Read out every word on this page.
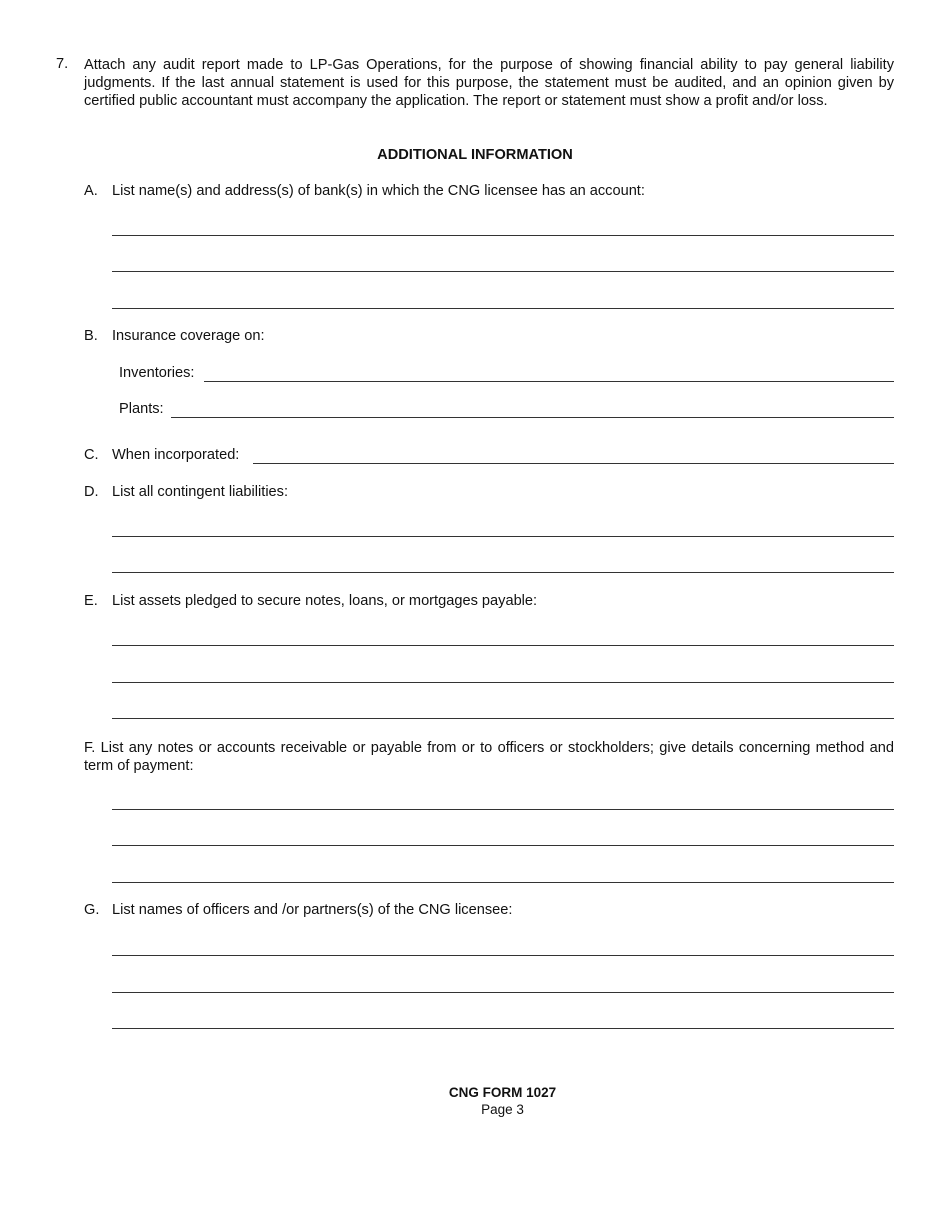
7. Attach any audit report made to LP-Gas Operations, for the purpose of showing financial ability to pay general liability judgments. If the last annual statement is used for this purpose, the statement must be audited, and an opinion given by certified public accountant must accompany the application. The report or statement must show a profit and/or loss.
ADDITIONAL INFORMATION
A. List name(s) and address(s) of bank(s) in which the CNG licensee has an account:
B. Insurance coverage on:
Inventories:
Plants:
C. When incorporated:
D. List all contingent liabilities:
E. List assets pledged to secure notes, loans, or mortgages payable:
F. List any notes or accounts receivable or payable from or to officers or stockholders; give details concerning method and term of payment:
G. List names of officers and /or partners(s) of the CNG licensee:
CNG FORM 1027
Page 3
